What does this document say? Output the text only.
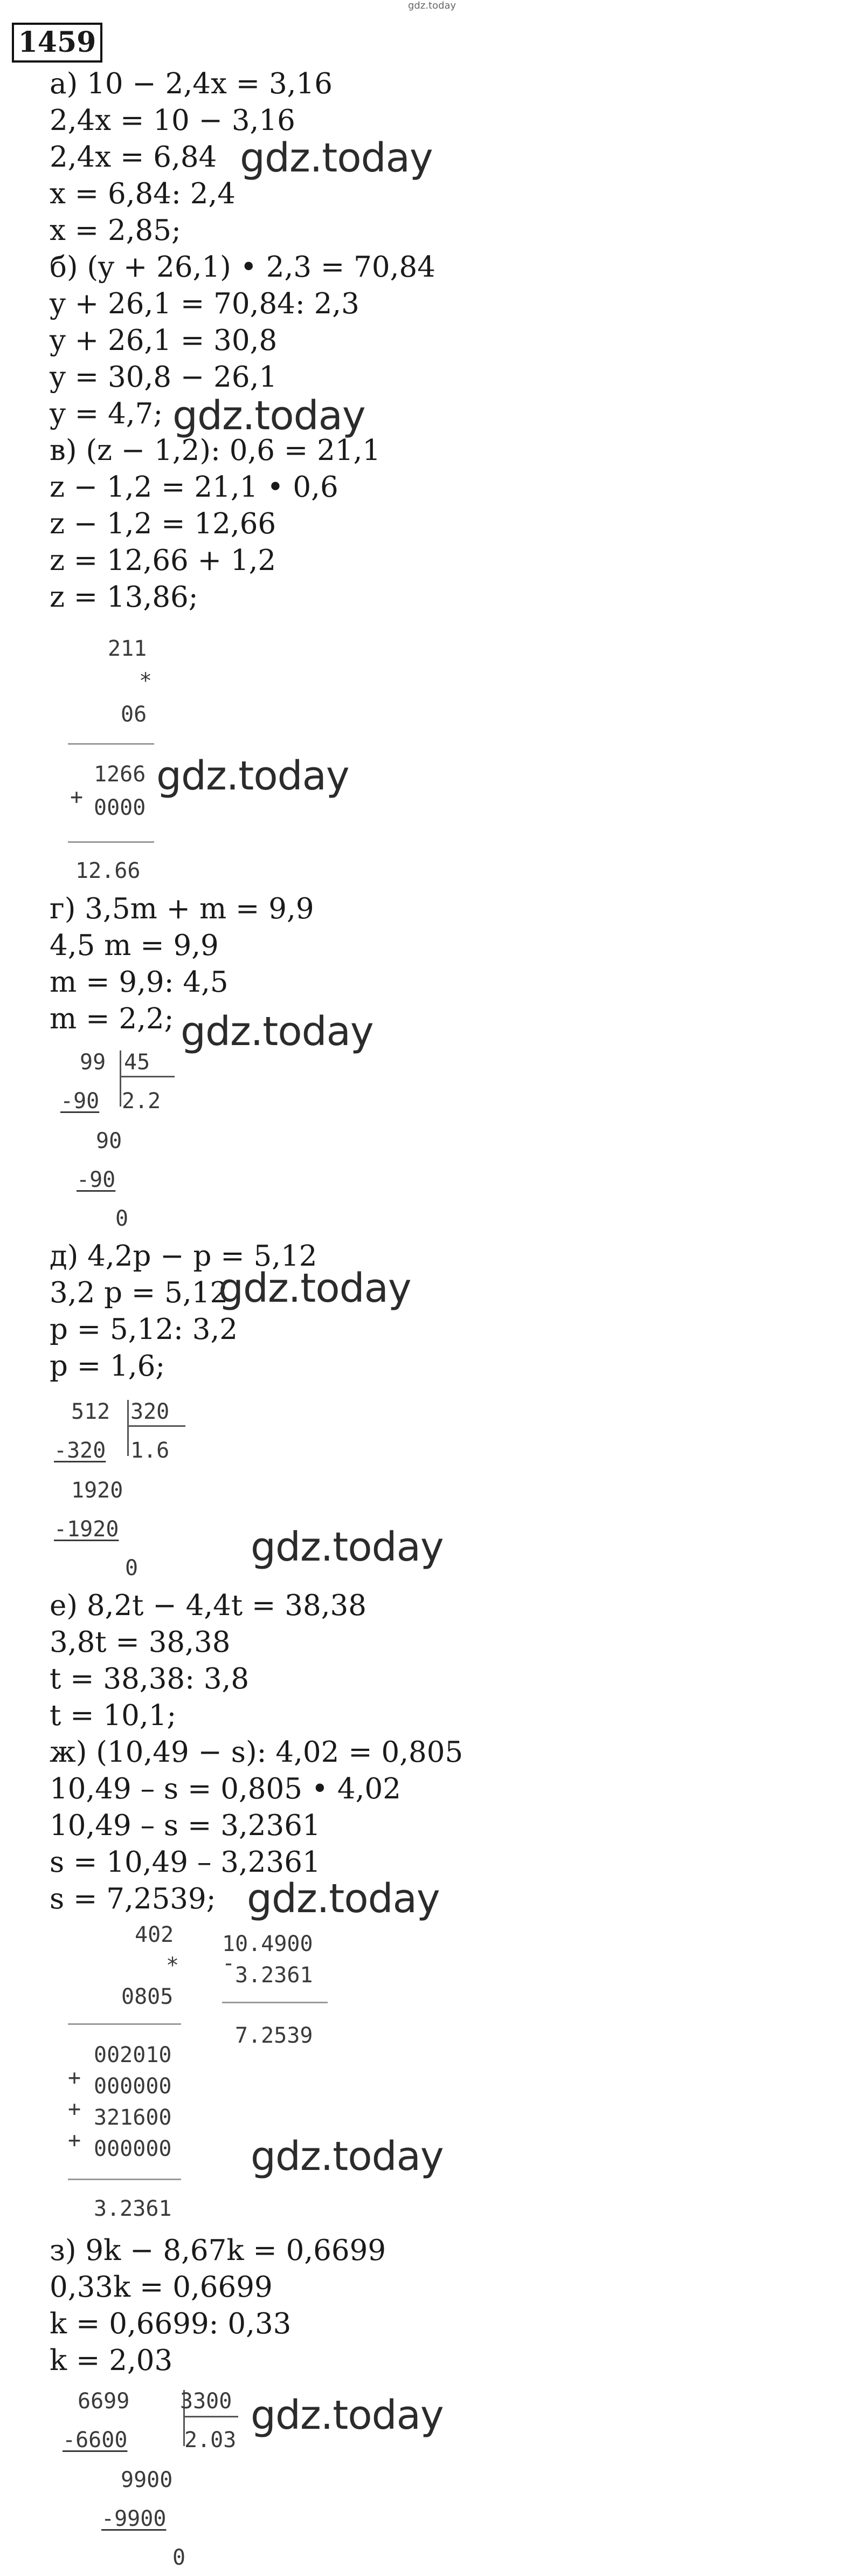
gdz.today
1459
а) 10 − 2,4x = 3,16
2,4x = 10 − 3,16
2,4x = 6,84
x = 6,84: 2,4
x = 2,85;
gdz.today
б) (y + 26,1) • 2,3 = 70,84
y + 26,1 = 70,84: 2,3
y + 26,1 = 30,8
y = 30,8 − 26,1
y = 4,7; gdz.today
в) (z − 1,2): 0,6 = 21,1
z − 1,2 = 21,1 • 0,6
z − 1,2 = 12,66
z = 12,66 + 1,2
z = 13,86;
211
*
06
+
1266
0000
12.66
gdz.today
г) 3,5m + m = 9,9
4,5 m = 9,9
m = 9,9: 4,5
m = 2,2; gdz.today
99 45
-90 2.2
90
-90
0
д) 4,2p − p = 5,12
3,2 p = 5,12
p = 5,12: 3,2
p = 1,6;
gdz.today
512 320
-320 1.6
1920
-1920
0	gdz.today
е) 8,2t − 4,4t = 38,38
3,8t = 38,38
t = 38,38: 3,8
t = 10,1;
ж) (10,49 − s): 4,02 = 0,805
10,49 – s = 0,805 • 4,02
10,49 – s = 3,2361
s = 10,49 – 3,2361
s = 7,2539; gdz.today
402
*
0805
+
+
+
002010
000000
321600
000000
3.2361
10.4900
- 3.2361
7.2539
gdz.today
з) 9k − 8,67k = 0,6699
0,33k = 0,6699
k = 0,6699: 0,33
k = 2,03
6699 3300
-6600	2.03
9900
-9900
0
gdz.today
